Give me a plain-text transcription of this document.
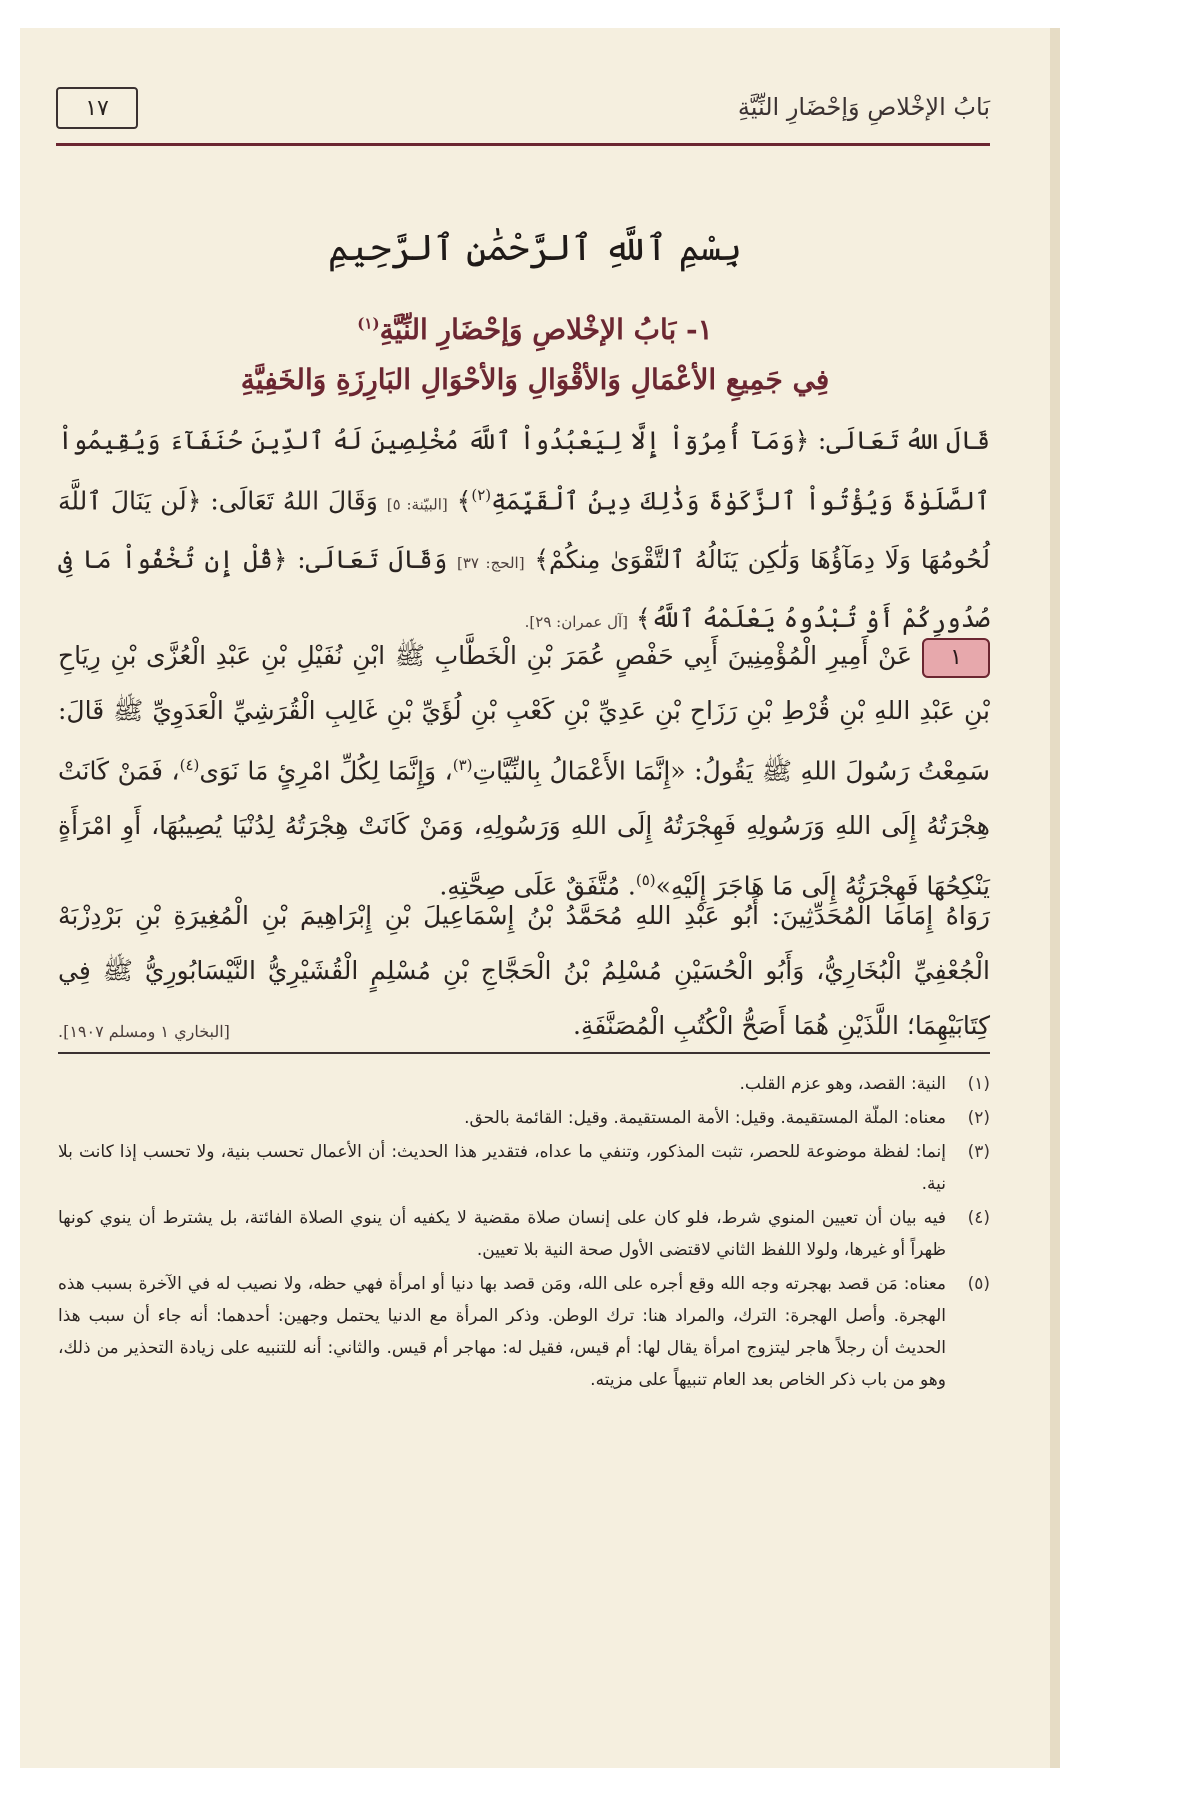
١٧	بَابُ الإخْلاصِ وَإحْضَارِ النِّيَّةِ
بِسْمِ ٱللَّهِ ٱلرَّحْمَٰنِ ٱلرَّحِيمِ
١- بَابُ الإخْلاصِ وَإحْضَارِ النِّيَّةِ$^{(١)}$
فِي جَمِيعِ الأعْمَالِ وَالأقْوَالِ وَالأحْوَالِ البَارِزَةِ وَالخَفِيَّةِ
قَالَ اللهُ تَعَالَى: ﴿وَمَآ أُمِرُوٓاْ إِلَّا لِيَعْبُدُواْ ٱللَّهَ مُخْلِصِينَ لَهُ ٱلدِّينَ حُنَفَآءَ وَيُقِيمُواْ ٱلصَّلَوٰةَ وَيُؤْتُواْ ٱلزَّكَوٰةَ وَذَٰلِكَ دِينُ ٱلْقَيِّمَةِ$^{(٢)}$﴾ [البيّنة: ٥] وَقَالَ اللهُ تَعَالَى: ﴿لَن يَنَالَ ٱللَّهَ لُحُومُهَا وَلَا دِمَآؤُهَا وَلَٰكِن يَنَالُهُ ٱلتَّقْوَىٰ مِنكُمْ﴾ [الحج: ٣٧] وَقَالَ تَعَالَى: ﴿قُلْ إِن تُخْفُواْ مَا فِى صُدُورِكُمْ أَوْ تُبْدُوهُ يَعْلَمْهُ ٱللَّهُ﴾ [آل عمران: ٢٩].
١عَنْ أَمِيرِ الْمُؤْمِنِينَ أَبِي حَفْصٍ عُمَرَ بْنِ الْخَطَّابِ ﷺ ابْنِ نُفَيْلِ بْنِ عَبْدِ الْعُزَّى بْنِ رِيَاحِ بْنِ عَبْدِ اللهِ بْنِ قُرْطِ بْنِ رَزَاحِ بْنِ عَدِيِّ بْنِ كَعْبِ بْنِ لُؤَيِّ بْنِ غَالِبِ الْقُرَشِيِّ الْعَدَوِيِّ ﷺ قَالَ: سَمِعْتُ رَسُولَ اللهِ ﷺ يَقُولُ: «إِنَّمَا الأَعْمَالُ بِالنِّيَّاتِ$^{(٣)}$، وَإِنَّمَا لِكُلِّ امْرِئٍ مَا نَوَى$^{(٤)}$، فَمَنْ كَانَتْ هِجْرَتُهُ إِلَى اللهِ وَرَسُولِهِ فَهِجْرَتُهُ إِلَى اللهِ وَرَسُولِهِ، وَمَنْ كَانَتْ هِجْرَتُهُ لِدُنْيَا يُصِيبُهَا، أَوِ امْرَأَةٍ يَنْكِحُهَا فَهِجْرَتُهُ إِلَى مَا هَاجَرَ إِلَيْهِ»$^{(٥)}$. مُتَّفَقٌ عَلَى صِحَّتِهِ.
رَوَاهُ إِمَامَا الْمُحَدِّثِينَ: أَبُو عَبْدِ اللهِ مُحَمَّدُ بْنُ إِسْمَاعِيلَ بْنِ إِبْرَاهِيمَ بْنِ الْمُغِيرَةِ بْنِ بَرْدِزْبَهْ الْجُعْفِيِّ الْبُخَارِيُّ، وَأَبُو الْحُسَيْنِ مُسْلِمُ بْنُ الْحَجَّاجِ بْنِ مُسْلِمٍ الْقُشَيْرِيُّ النَّيْسَابُورِيُّ ﷺ فِي كِتَابَيْهِمَا؛ اللَّذَيْنِ هُمَا أَصَحُّ الْكُتُبِ الْمُصَنَّفَةِ.
[البخاري ١ ومسلم ١٩٠٧].
(١)
النية: القصد، وهو عزم القلب.
(٢)
معناه: الملّة المستقيمة. وقيل: الأمة المستقيمة. وقيل: القائمة بالحق.
(٣)
إنما: لفظة موضوعة للحصر، تثبت المذكور، وتنفي ما عداه، فتقدير هذا الحديث: أن الأعمال تحسب بنية، ولا تحسب إذا كانت بلا نية.
(٤)
فيه بيان أن تعيين المنوي شرط، فلو كان على إنسان صلاة مقضية لا يكفيه أن ينوي الصلاة الفائتة، بل يشترط أن ينوي كونها ظهراً أو غيرها، ولولا اللفظ الثاني لاقتضى الأول صحة النية بلا تعيين.
(٥)
معناه: مَن قصد بهجرته وجه الله وقع أجره على الله، ومَن قصد بها دنيا أو امرأة فهي حظه، ولا نصيب له في الآخرة بسبب هذه الهجرة. وأصل الهجرة: الترك، والمراد هنا: ترك الوطن. وذكر المرأة مع الدنيا يحتمل وجهين: أحدهما: أنه جاء أن سبب هذا الحديث أن رجلاً هاجر ليتزوج امرأة يقال لها: أم قيس، فقيل له: مهاجر أم قيس. والثاني: أنه للتنبيه على زيادة التحذير من ذلك، وهو من باب ذكر الخاص بعد العام تنبيهاً على مزيته.
